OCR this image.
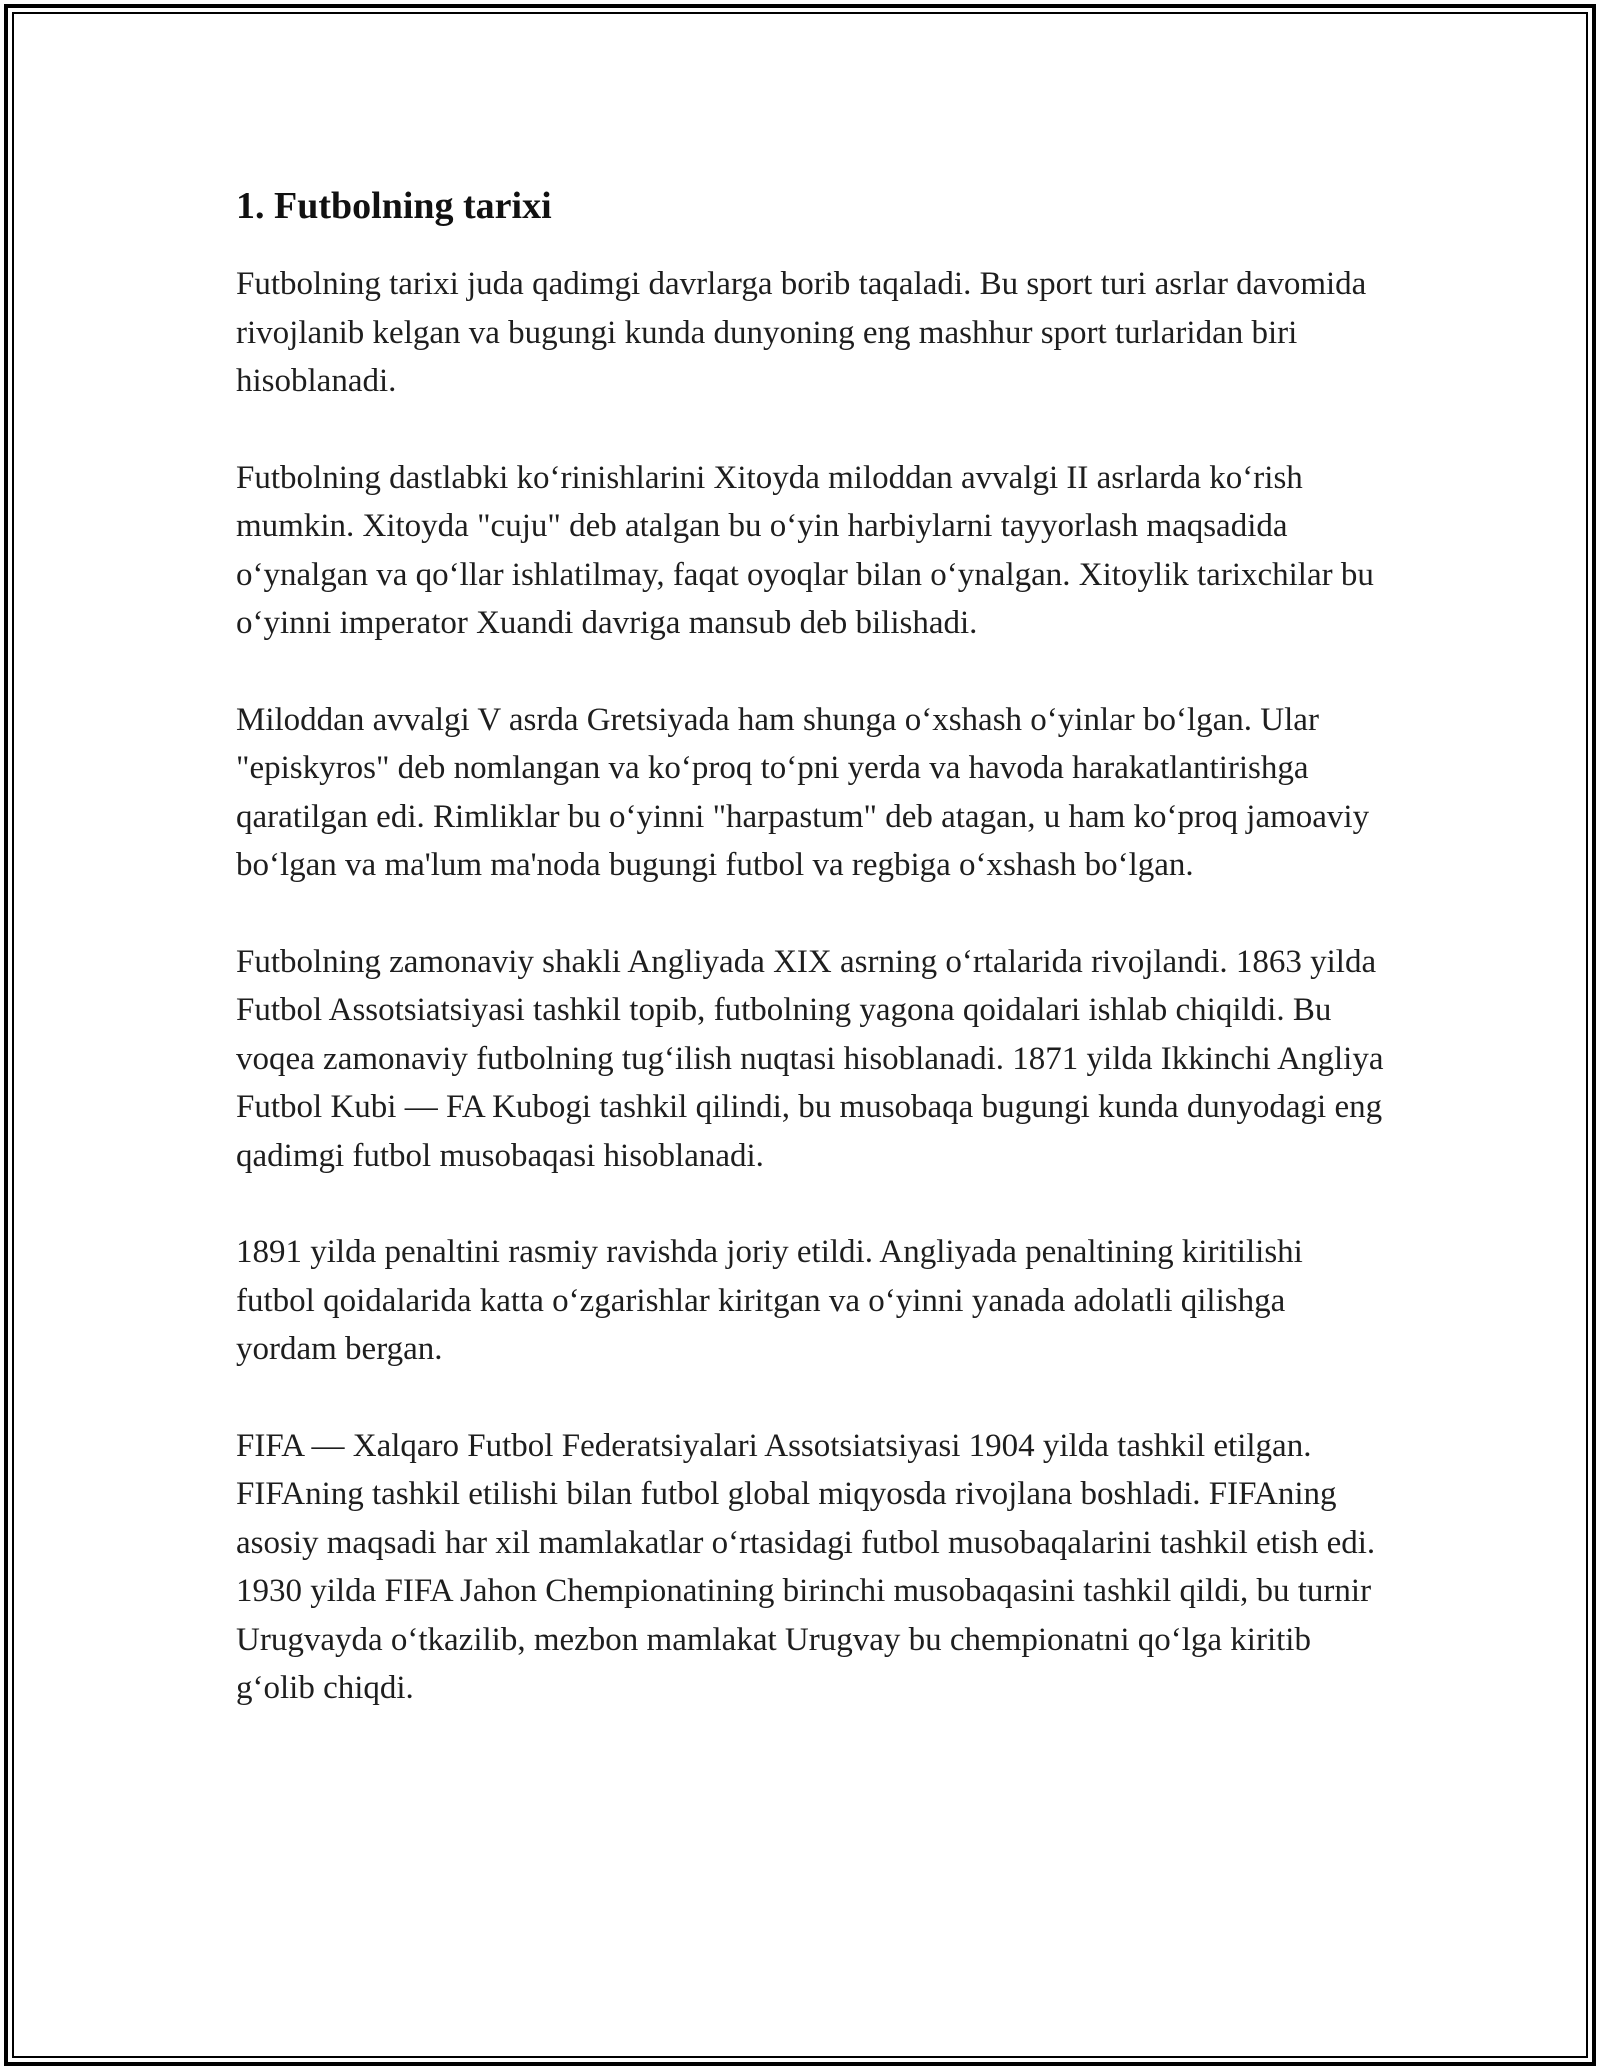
1. Futbolning tarixi

Futbolning tarixi juda qadimgi davrlarga borib taqaladi. Bu sport turi asrlar davomida rivojlanib kelgan va bugungi kunda dunyoning eng mashhur sport turlaridan biri hisoblanadi.

Futbolning dastlabki ko‘rinishlarini Xitoyda miloddan avvalgi II asrlarda ko‘rish mumkin. Xitoyda "cuju" deb atalgan bu o‘yin harbiylarni tayyorlash maqsadida o‘ynalgan va qo‘llar ishlatilmay, faqat oyoqlar bilan o‘ynalgan. Xitoylik tarixchilar bu o‘yinni imperator Xuandi davriga mansub deb bilishadi.

Miloddan avvalgi V asrda Gretsiyada ham shunga o‘xshash o‘yinlar bo‘lgan. Ular "episkyros" deb nomlangan va ko‘proq to‘pni yerda va havoda harakatlantirishga qaratilgan edi. Rimliklar bu o‘yinni "harpastum" deb atagan, u ham ko‘proq jamoaviy bo‘lgan va ma'lum ma'noda bugungi futbol va regbiga o‘xshash bo‘lgan.

Futbolning zamonaviy shakli Angliyada XIX asrning o‘rtalarida rivojlandi. 1863 yilda Futbol Assotsiatsiyasi tashkil topib, futbolning yagona qoidalari ishlab chiqildi. Bu voqea zamonaviy futbolning tug‘ilish nuqtasi hisoblanadi. 1871 yilda Ikkinchi Angliya Futbol Kubi — FA Kubogi tashkil qilindi, bu musobaqa bugungi kunda dunyodagi eng qadimgi futbol musobaqasi hisoblanadi.

1891 yilda penaltini rasmiy ravishda joriy etildi. Angliyada penaltining kiritilishi futbol qoidalarida katta o‘zgarishlar kiritgan va o‘yinni yanada adolatli qilishga yordam bergan.

FIFA — Xalqaro Futbol Federatsiyalari Assotsiatsiyasi 1904 yilda tashkil etilgan. FIFAning tashkil etilishi bilan futbol global miqyosda rivojlana boshladi. FIFAning asosiy maqsadi har xil mamlakatlar o‘rtasidagi futbol musobaqalarini tashkil etish edi. 1930 yilda FIFA Jahon Chempionatining birinchi musobaqasini tashkil qildi, bu turnir Urugvayda o‘tkazilib, mezbon mamlakat Urugvay bu chempionatni qo‘lga kiritib g‘olib chiqdi.
